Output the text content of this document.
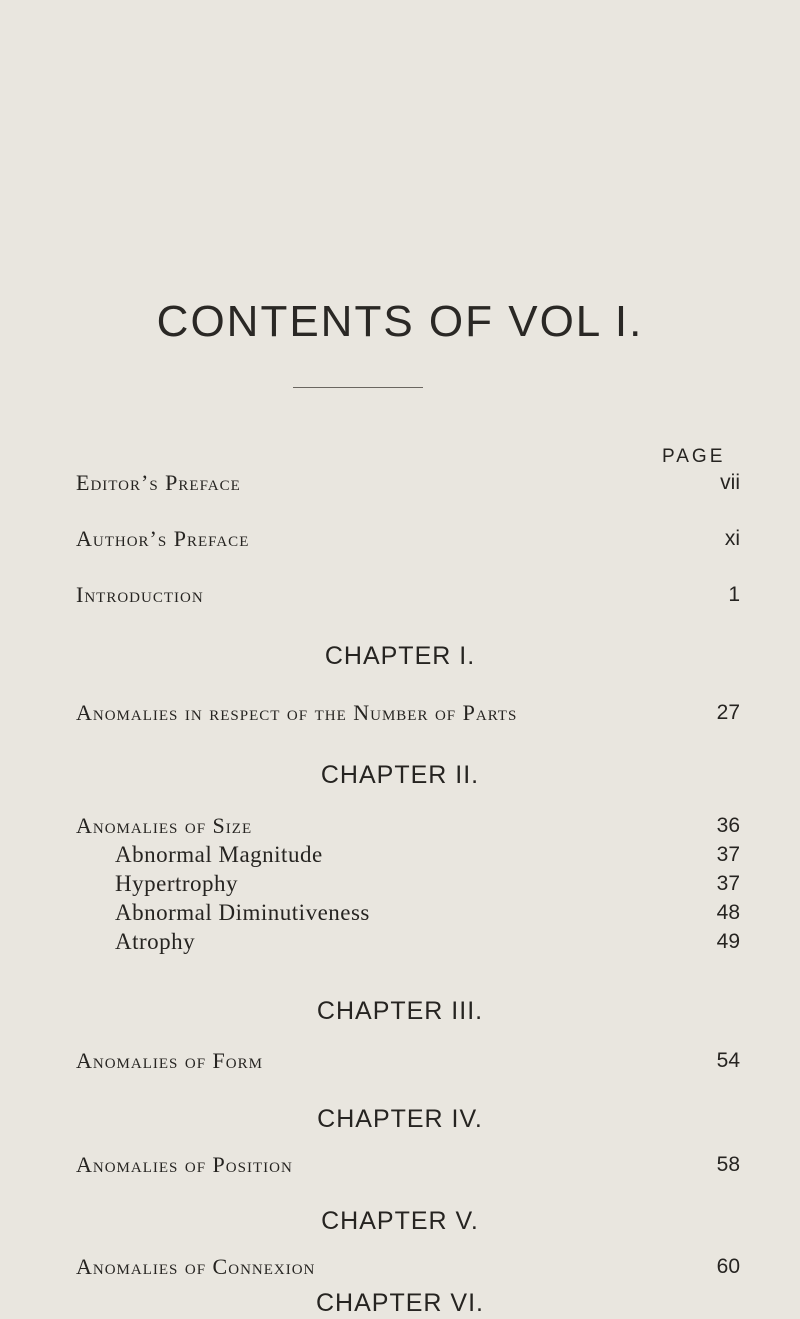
CONTENTS OF VOL I.
PAGE
Editor’s Preface	vii
Author’s Preface	xi
Introduction	1
CHAPTER I.
Anomalies in respect of the Number of Parts	27
CHAPTER II.
Anomalies of Size	36
Abnormal Magnitude	37
Hypertrophy	37
Abnormal Diminutiveness	48
Atrophy	49
CHAPTER III.
Anomalies of Form	54
CHAPTER IV.
Anomalies of Position	58
CHAPTER V.
Anomalies of Connexion	60
CHAPTER VI.
